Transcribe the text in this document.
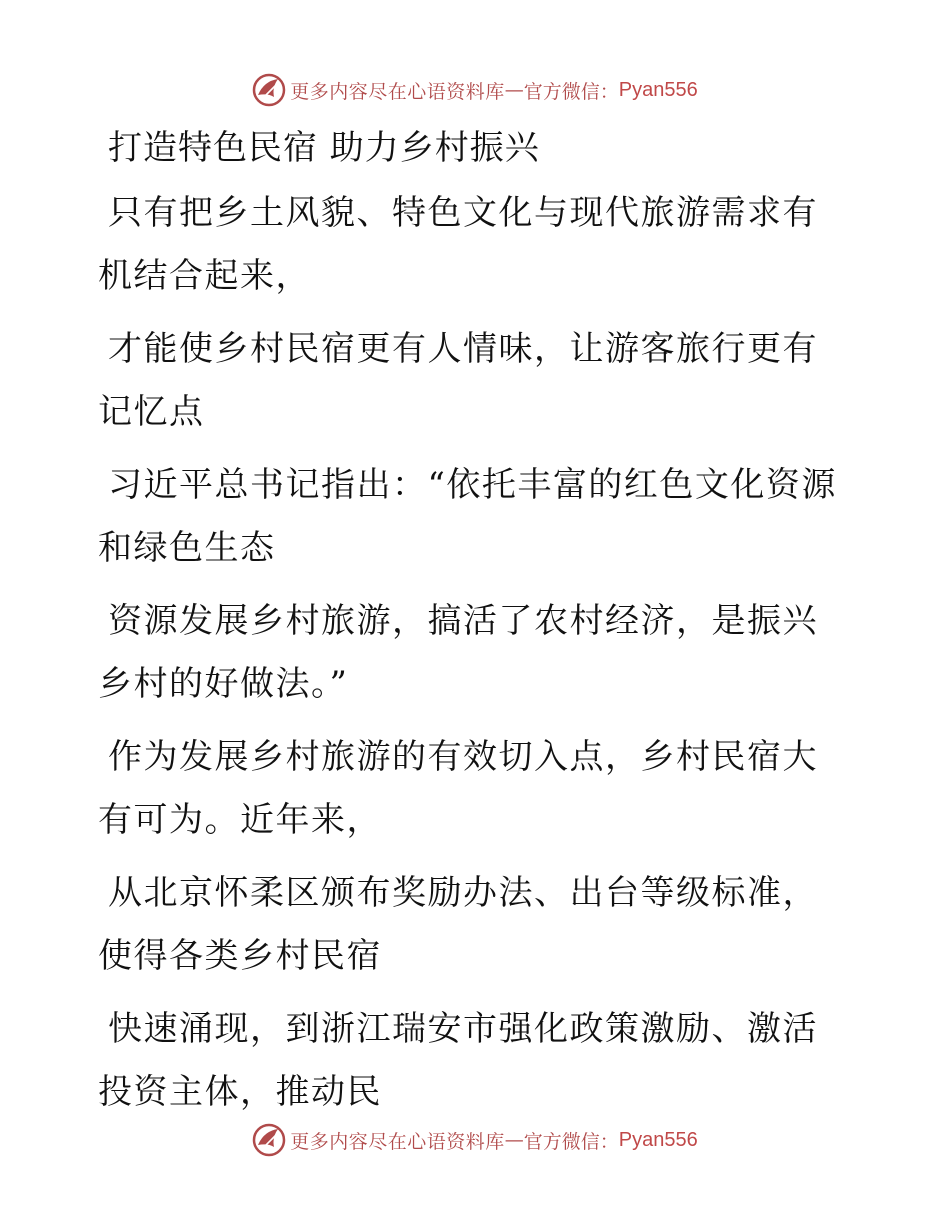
更多内容尽在心语资料库 — 官方微信： Pyan556
打造特色民宿 助力乡村振兴

只有把乡土风貌、特色文化与现代旅游需求有机结合起来，

才能使乡村民宿更有人情味，让游客旅行更有记忆点

习近平总书记指出：“依托丰富的红色文化资源和绿色生态

资源发展乡村旅游，搞活了农村经济，是振兴乡村的好做法。”

作为发展乡村旅游的有效切入点，乡村民宿大有可为。近年来，

从北京怀柔区颁布奖励办法、出台等级标准，使得各类乡村民宿

快速涌现，到浙江瑞安市强化政策激励、激活投资主体，推动民

更多内容尽在心语资料库 — 官方微信： Pyan556
